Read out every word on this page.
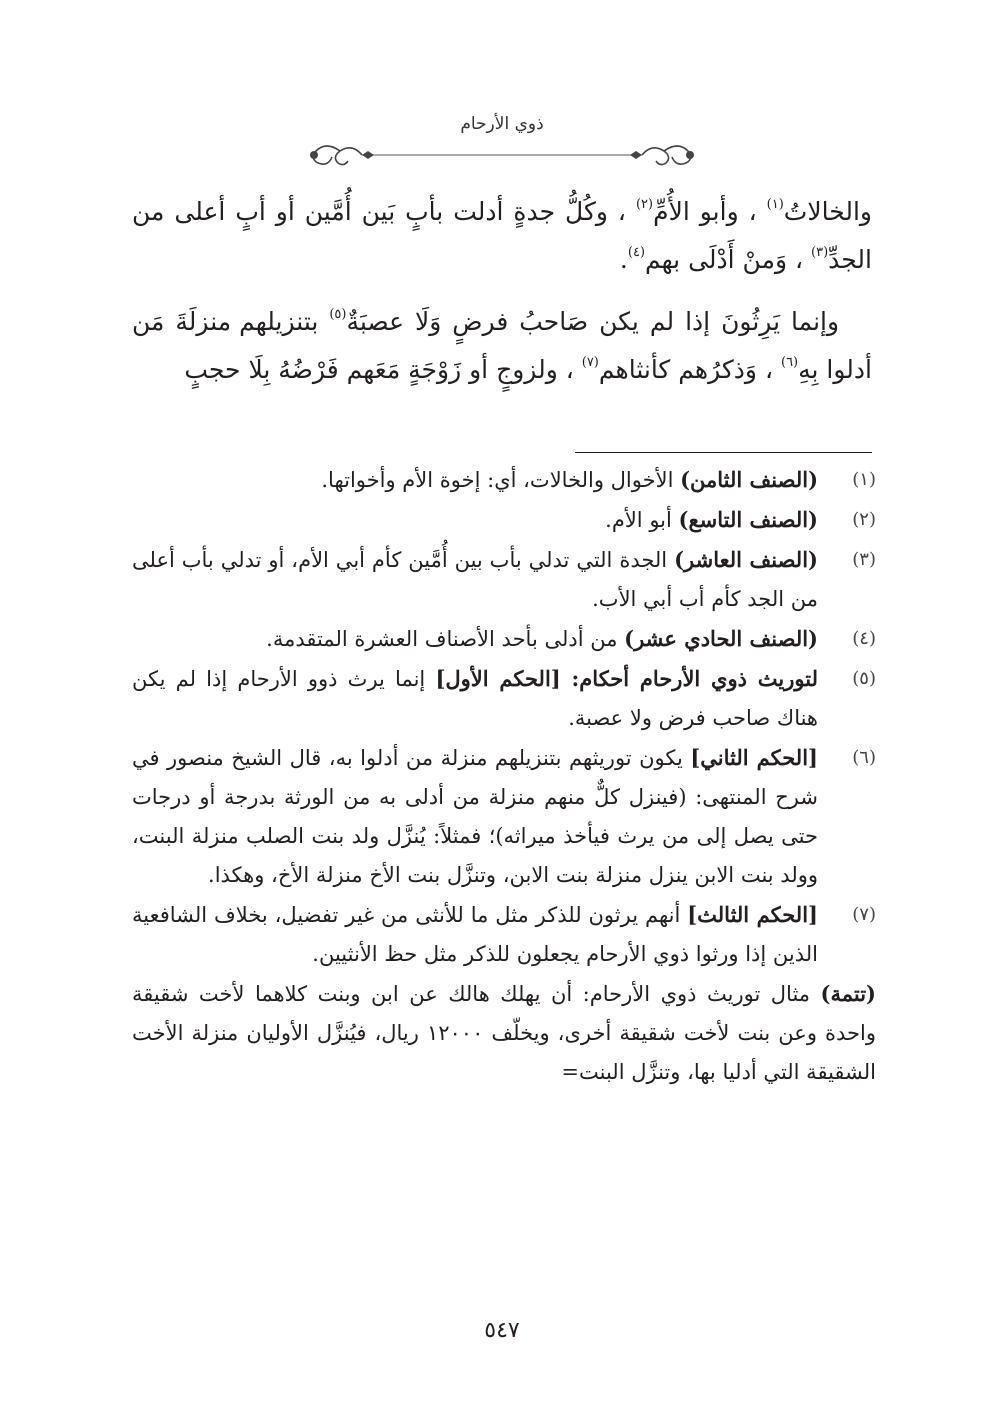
ذوي الأرحام

والخالاتُ$^{(١)}$ ، وأبو الأُمِّ$^{(٢)}$ ، وكُلُّ جدةٍ أدلت بأبٍ بَين أُمَّين أو أبٍ أعلى من الجدِّ$^{(٣)}$ ، وَمنْ أَدْلَى بهم$^{(٤)}$.

وإنما يَرِثُونَ إذا لم يكن صَاحبُ فرضٍ وَلَا عصبَةٌ$^{(٥)}$ بتنزيلهم منزلَةَ مَن أدلوا بِهِ$^{(٦)}$ ، وَذكرُهم كأنثاهم$^{(٧)}$ ، ولزوجٍ أو زَوْجَةٍ مَعَهم فَرْضُهُ بِلَا حجبٍ

(١)
(الصنف الثامن) الأخوال والخالات، أي: إخوة الأم وأخواتها.
(٢)
(الصنف التاسع) أبو الأم.
(٣)
(الصنف العاشر) الجدة التي تدلي بأب بين أُمَّين كأم أبي الأم، أو تدلي بأب أعلى من الجد كأم أب أبي الأب.
(٤)
(الصنف الحادي عشر) من أدلى بأحد الأصناف العشرة المتقدمة.
(٥)
لتوريث ذوي الأرحام أحكام: [الحكم الأول] إنما يرث ذوو الأرحام إذا لم يكن هناك صاحب فرض ولا عصبة.
(٦)
[الحكم الثاني] يكون توريثهم بتنزيلهم منزلة من أدلوا به، قال الشيخ منصور في شرح المنتهى: (فينزل كلٌّ منهم منزلة من أدلى به من الورثة بدرجة أو درجات حتى يصل إلى من يرث فيأخذ ميراثه)؛ فمثلاً: يُنزَّل ولد بنت الصلب منزلة البنت، وولد بنت الابن ينزل منزلة بنت الابن، وتنزَّل بنت الأخ منزلة الأخ، وهكذا.
(٧)
[الحكم الثالث] أنهم يرثون للذكر مثل ما للأنثى من غير تفضيل، بخلاف الشافعية الذين إذا ورثوا ذوي الأرحام يجعلون للذكر مثل حظ الأنثيين.
(تتمة) مثال توريث ذوي الأرحام: أن يهلك هالك عن ابن وبنت كلاهما لأخت شقيقة واحدة وعن بنت لأخت شقيقة أخرى، ويخلّف ١٢٠٠٠ ريال، فيُنزَّل الأوليان منزلة الأخت الشقيقة التي أدليا بها، وتنزَّل البنت=
٥٤٧
